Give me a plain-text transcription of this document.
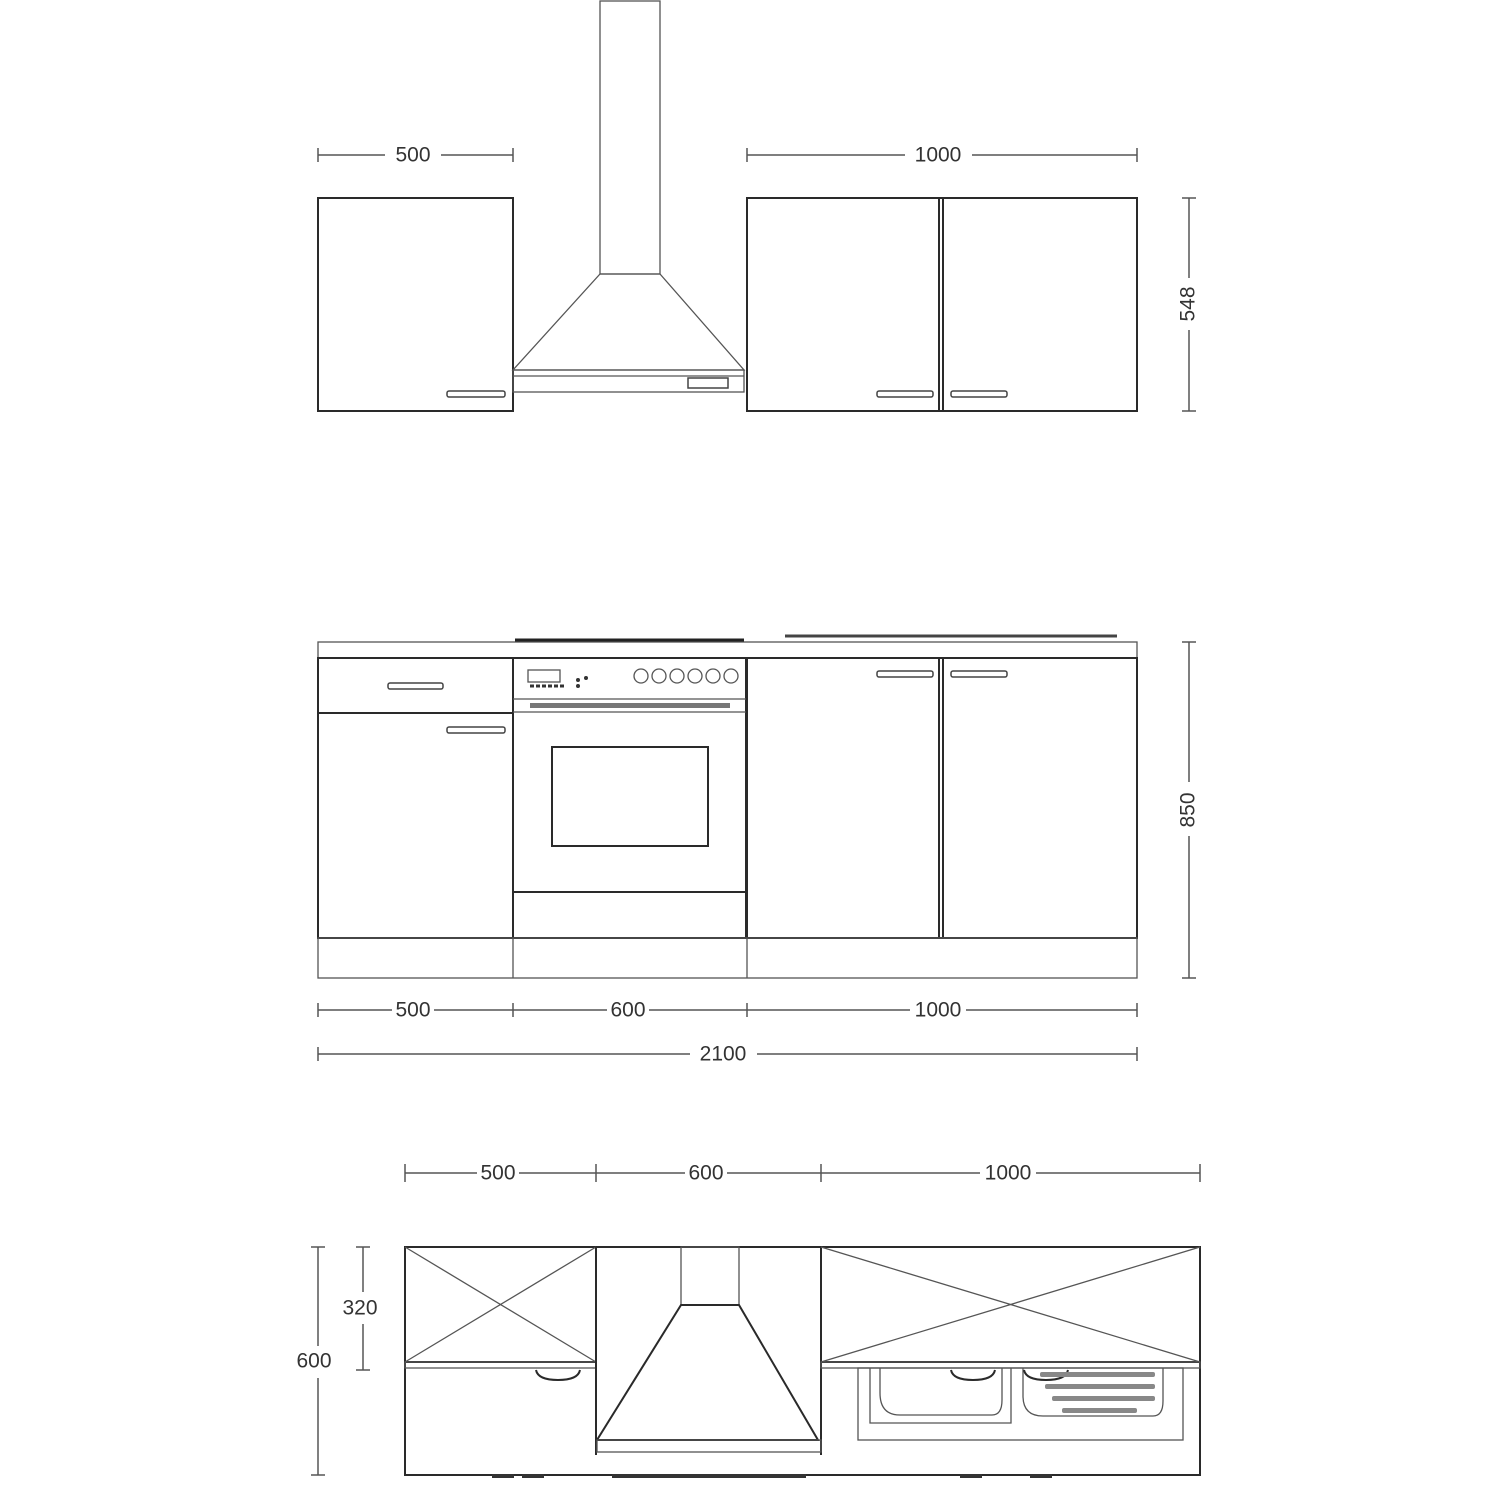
500	1000
548
500	600	1000
2100
850
500	600	1000
600
320
